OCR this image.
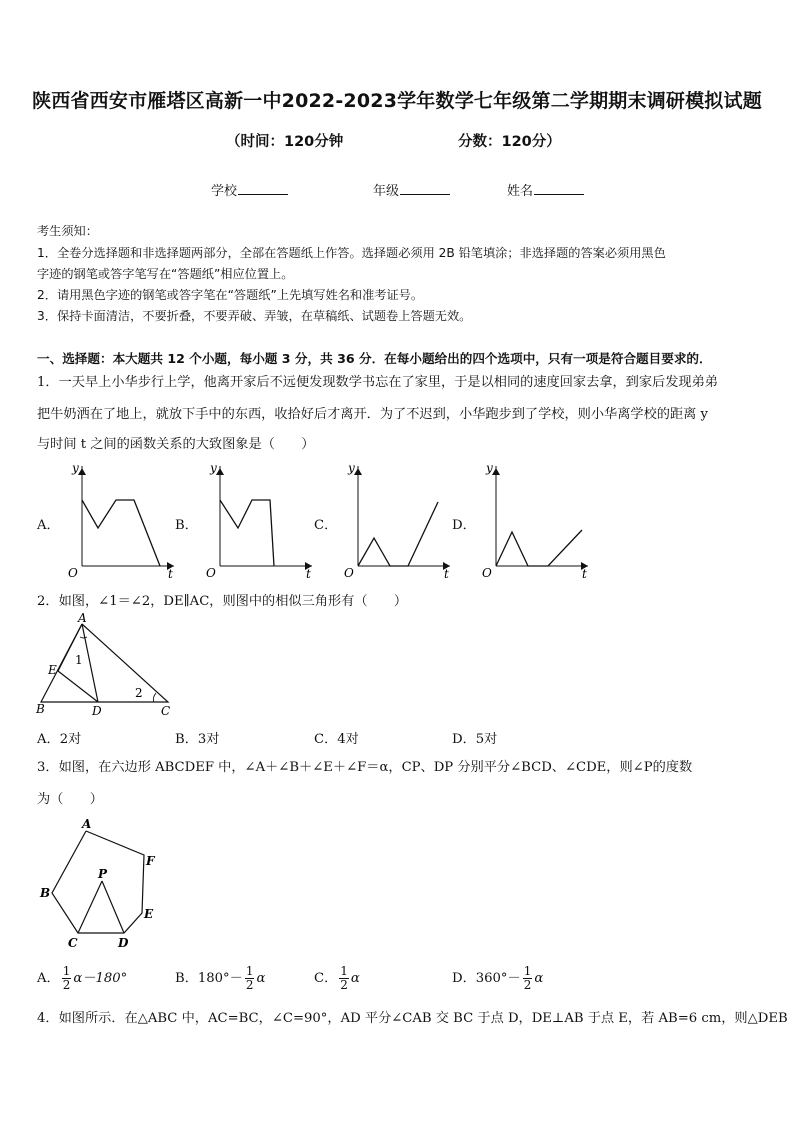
陕西省西安市雁塔区高新一中2022-2023学年数学七年级第二学期期末调研模拟试题
（时间：120分钟	分数：120分）
学校	年级	姓名
考生须知：
1．全卷分选择题和非选择题两部分，全部在答题纸上作答。选择题必须用 2B 铅笔填涂；非选择题的答案必须用黑色
字迹的钢笔或答字笔写在“答题纸”相应位置上。
2．请用黑色字迹的钢笔或答字笔在“答题纸”上先填写姓名和准考证号。
3．保持卡面清洁，不要折叠，不要弄破、弄皱，在草稿纸、试题卷上答题无效。
一、选择题：本大题共 12 个小题，每小题 3 分，共 36 分．在每小题给出的四个选项中，只有一项是符合题目要求的．
1．一天早上小华步行上学，他离开家后不远便发现数学书忘在了家里，于是以相同的速度回家去拿，到家后发现弟弟
把牛奶洒在了地上，就放下手中的东西，收拾好后才离开．为了不迟到，小华跑步到了学校，则小华离学校的距离 y
与时间 t 之间的函数关系的大致图象是（　　）
A．	B．	C．	D．
y
t
O
y
t
O
y
t
O
y
t
O
2．如图，∠1＝∠2，DE∥AC，则图中的相似三角形有（　　）
A
E
B	D	C
1
2
A．2对	B．3对	C．4对	D．5对
3．如图，在六边形 ABCDEF 中，∠A＋∠B＋∠E＋∠F＝α，CP、DP 分别平分∠BCD、∠CDE，则∠P的度数
为（　　）
A
F
B
P
E
C	D
A． $\frac{1}{2} \alpha-180^\circ$	B．$180^\circ- \frac{1}{2}$ α	C． $\frac{1}{2}$ α	D．$360^\circ- \frac{1}{2}$ α
4．如图所示．在△ABC 中，AC=BC，∠C=90°，AD 平分∠CAB 交 BC 于点 D，DE⊥AB 于点 E，若 AB=6 cm，则△DEB
